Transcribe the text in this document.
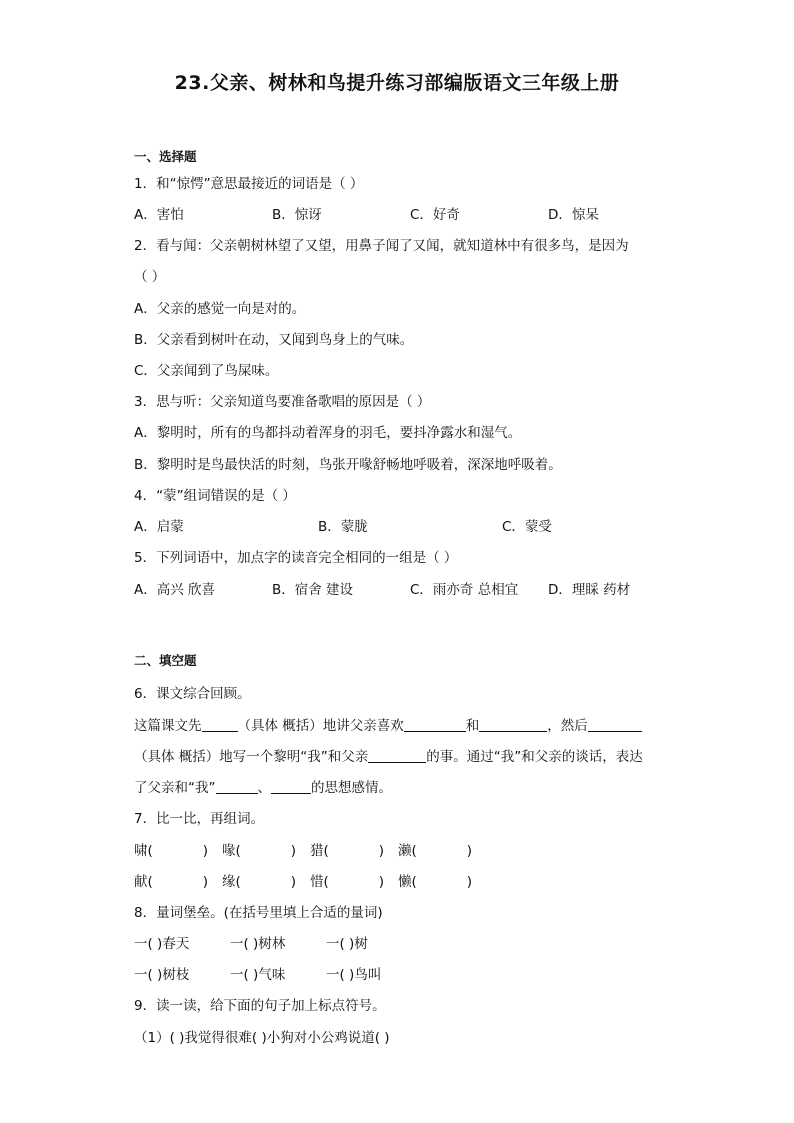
23.父亲、树林和鸟提升练习部编版语文三年级上册
一、选择题
1．和“惊愕”意思最接近的词语是（ ）
A．害怕	B．惊讶	C．好奇	D．惊呆
2．看与闻：父亲朝树林望了又望，用鼻子闻了又闻，就知道林中有很多鸟，是因为
（ ）
A．父亲的感觉一向是对的。
B．父亲看到树叶在动，又闻到鸟身上的气味。
C．父亲闻到了鸟屎味。
3．思与听：父亲知道鸟要准备歌唱的原因是（ ）
A．黎明时，所有的鸟都抖动着浑身的羽毛，要抖净露水和湿气。
B．黎明时是鸟最快活的时刻，鸟张开喙舒畅地呼吸着，深深地呼吸着。
4．“蒙”组词错误的是（ ）
A．启蒙	B．蒙胧	C．蒙受
5．下列词语中，加点字的读音完全相同的一组是（ ）
A．高兴 欣喜	B．宿舍 建设	C．雨亦奇 总相宜 D．理睬 药材
二、填空题
6．课文综合回顾。
这篇课文先	（具体 概括）地讲父亲喜欢	和	，然后
（具体 概括）地写一个黎明“我”和父亲	的事。通过“我”和父亲的谈话，表达
了父亲和“我”	、	的思想感情。
7．比一比，再组词。
啸(	) 喙(	) 猎(	) 濑(	)
献(	) 缘(	) 惜(	) 懒(	)
8．量词堡垒。(在括号里填上合适的量词)
一( )春天	一( )树林	一( )树
一( )树枝	一( )气味	一( )鸟叫
9．读一读，给下面的句子加上标点符号。
（1）( )我觉得很难( )小狗对小公鸡说道( )
